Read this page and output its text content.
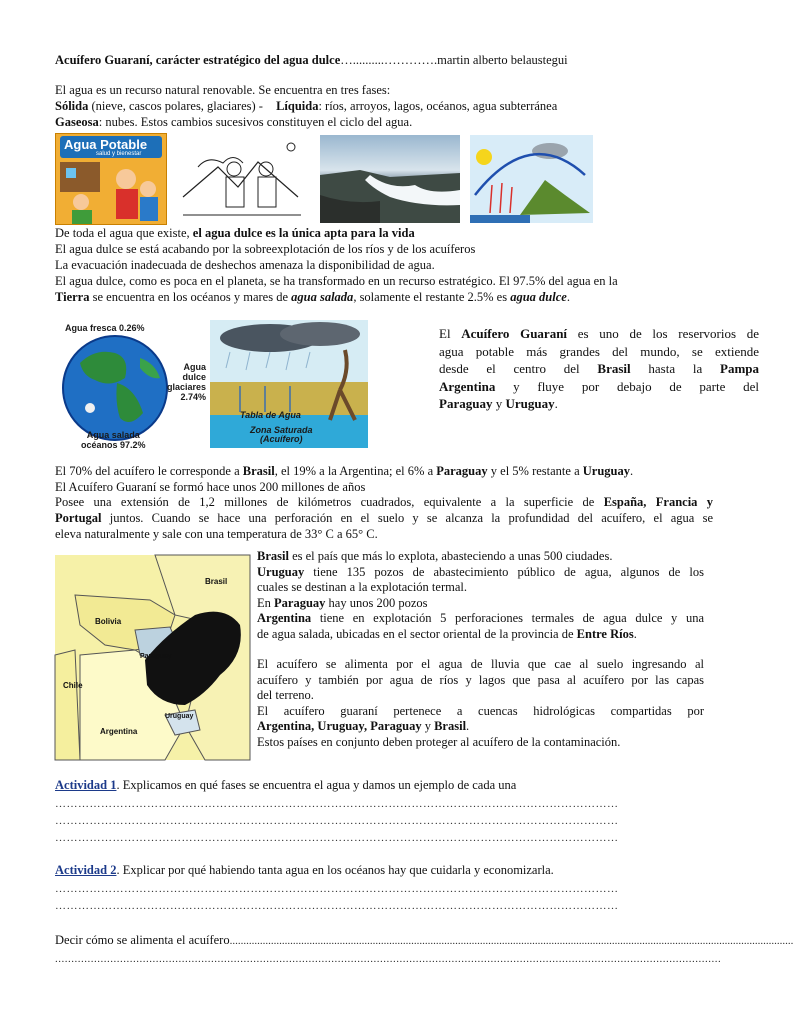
Acuífero Guaraní, carácter estratégico del agua dulce…..........………….martin alberto belaustegui
El agua es un recurso natural renovable. Se encuentra en tres fases:
Sólida (nieve, cascos polares, glaciares) - Líquida: ríos, arroyos, lagos, océanos, agua subterránea
Gaseosa: nubes. Estos cambios sucesivos constituyen el ciclo del agua.
Agua Potable
salud y bienestar
De toda el agua que existe, el agua dulce es la única apta para la vida
El agua dulce se está acabando por la sobreexplotación de los ríos y de los acuíferos
La evacuación inadecuada de deshechos amenaza la disponibilidad de agua.
El agua dulce, como es poca en el planeta, se ha transformado en un recurso estratégico. El 97.5% del agua en la
Tierra se encuentra en los océanos y mares de agua salada, solamente el restante 2.5% es agua dulce.
Agua fresca 0.26%
Agua
dulce
glaciares
2.74%
Agua salada
océanos 97.2%
Tabla de Agua
Zona Saturada
(Acuífero)
El Acuífero Guaraní es uno de los reservorios de
agua potable más grandes del mundo, se extiende
desde el centro del Brasil hasta la Pampa
Argentina y fluye por debajo de parte del
Paraguay y Uruguay.
El 70% del acuífero le corresponde a Brasil, el 19% a la Argentina; el 6% a Paraguay y el 5% restante a Uruguay.
El Acuífero Guaraní se formó hace unos 200 millones de años
Posee una extensión de 1,2 millones de kilómetros cuadrados, equivalente a la superficie de España, Francia y
Portugal juntos. Cuando se hace una perforación en el suelo y se alcanza la profundidad del acuífero, el agua se
eleva naturalmente y sale con una temperatura de 33° C a 65° C.
Brasil
Bolivia
Paraguay
Chile
Uruguay
Argentina
Brasil es el país que más lo explota, abasteciendo a unas 500 ciudades.
Uruguay tiene 135 pozos de abastecimiento público de agua, algunos de los
cuales se destinan a la explotación termal.
En Paraguay hay unos 200 pozos
Argentina tiene en explotación 5 perforaciones termales de agua dulce y una
de agua salada, ubicadas en el sector oriental de la provincia de Entre Ríos.
El acuífero se alimenta por el agua de lluvia que cae al suelo ingresando al
acuífero y también por agua de ríos y lagos que pasa al acuífero por las capas
del terreno.
El acuífero guaraní pertenece a cuencas hidrológicas compartidas por
Argentina, Uruguay, Paraguay y Brasil.
Estos países en conjunto deben proteger al acuífero de la contaminación.
Actividad 1. Explicamos en qué fases se encuentra el agua y damos un ejemplo de cada una
…………………………………………………………………………………………………………………………………
…………………………………………………………………………………………………………………………………
…………………………………………………………………………………………………………………………………
Actividad 2. Explicar por qué habiendo tanta agua en los océanos hay que cuidarla y economizarla.
…………………………………………………………………………………………………………………………………
…………………………………………………………………………………………………………………………………
Decir cómo se alimenta el acuífero.............................................................................................................................................................................................................
.............................................................................................................................................................................................................
